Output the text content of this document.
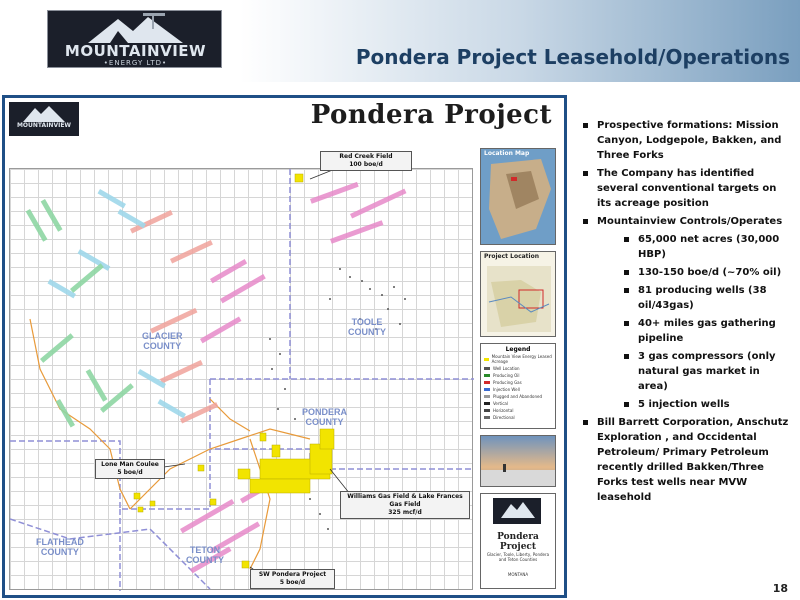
MOUNTAINVIEW
•ENERGY LTD•	Pondera Project Leasehold/Operations
MOUNTAINVIEW	Pondera Project
Red Creek Field
100 boe/d
Lone Man Coulee
5 boe/d
Williams Gas Field & Lake Frances Gas Field
325 mcf/d
SW Pondera Project
5 boe/d
GLACIER
COUNTY
TOOLE
COUNTY
PONDERA
COUNTY
FLATHEAD
COUNTY	TETON
COUNTY
Location Map
Project Location
Legend
Mountain View Energy Leased Acreage
Well Location
Producing Oil
Producing Gas
Injection Well
Plugged and Abandoned
Vertical
Horizontal
Directional
Pondera Project
Glacier, Toole, Liberty, Pondera and Teton Counties
MONTANA
Prospective formations: Mission Canyon, Lodgepole, Bakken, and Three Forks
The Company has identified several conventional targets on its acreage position
Mountainview Controls/Operates
65,000 net acres (30,000 HBP)
130-150 boe/d (~70% oil)
81 producing wells (38 oil/43gas)
40+ miles gas gathering pipeline
3 gas compressors (only natural gas market in area)
5 injection wells
Bill Barrett Corporation, Anschutz Exploration , and Occidental Petroleum/ Primary Petroleum recently drilled Bakken/Three Forks test wells near MVW leasehold
18
